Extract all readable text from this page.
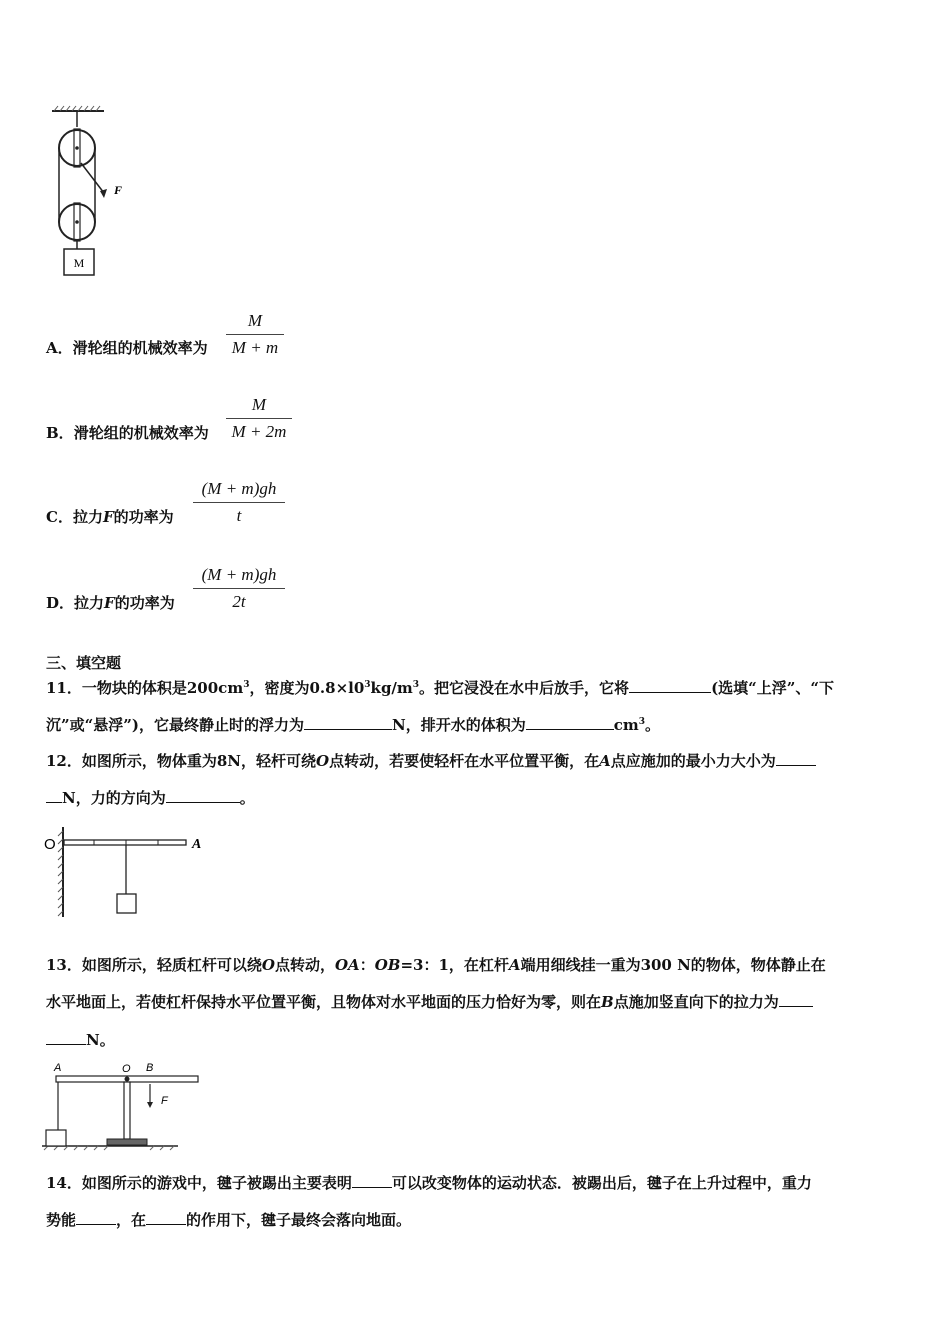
M
F
A．滑轮组的机械效率为
M
M + m
B．滑轮组的机械效率为
M
M + 2m
C．拉力F的功率为
(M + m)gh
t
D．拉力F的功率为
(M + m)gh
2t
三、填空题
11．一物块的体积是$200cm^3$，密度为$0.8\times l0^3kg/m^3$。把它浸没在水中后放手，它将	(选填“上浮”、“下
沉”或“悬浮”)，它最终静止时的浮力为	N，排开水的体积为	$cm^3$。
12．如图所示，物体重为8N，轻杆可绕O点转动，若要使轻杆在水平位置平衡，在A点应施加的最小力大小为
N，力的方向为	。
O	A
13．如图所示，轻质杠杆可以绕O点转动，OA：OB=3：1，在杠杆A端用细线挂一重为300 N的物体，物体静止在
水平地面上，若使杠杆保持水平位置平衡，且物体对水平地面的压力恰好为零，则在B点施加竖直向下的拉力为
N。
A	O B
F
14．如图所示的游戏中，毽子被踢出主要表明	可以改变物体的运动状态．被踢出后，毽子在上升过程中，重力
势能	，在	的作用下，毽子最终会落向地面。
